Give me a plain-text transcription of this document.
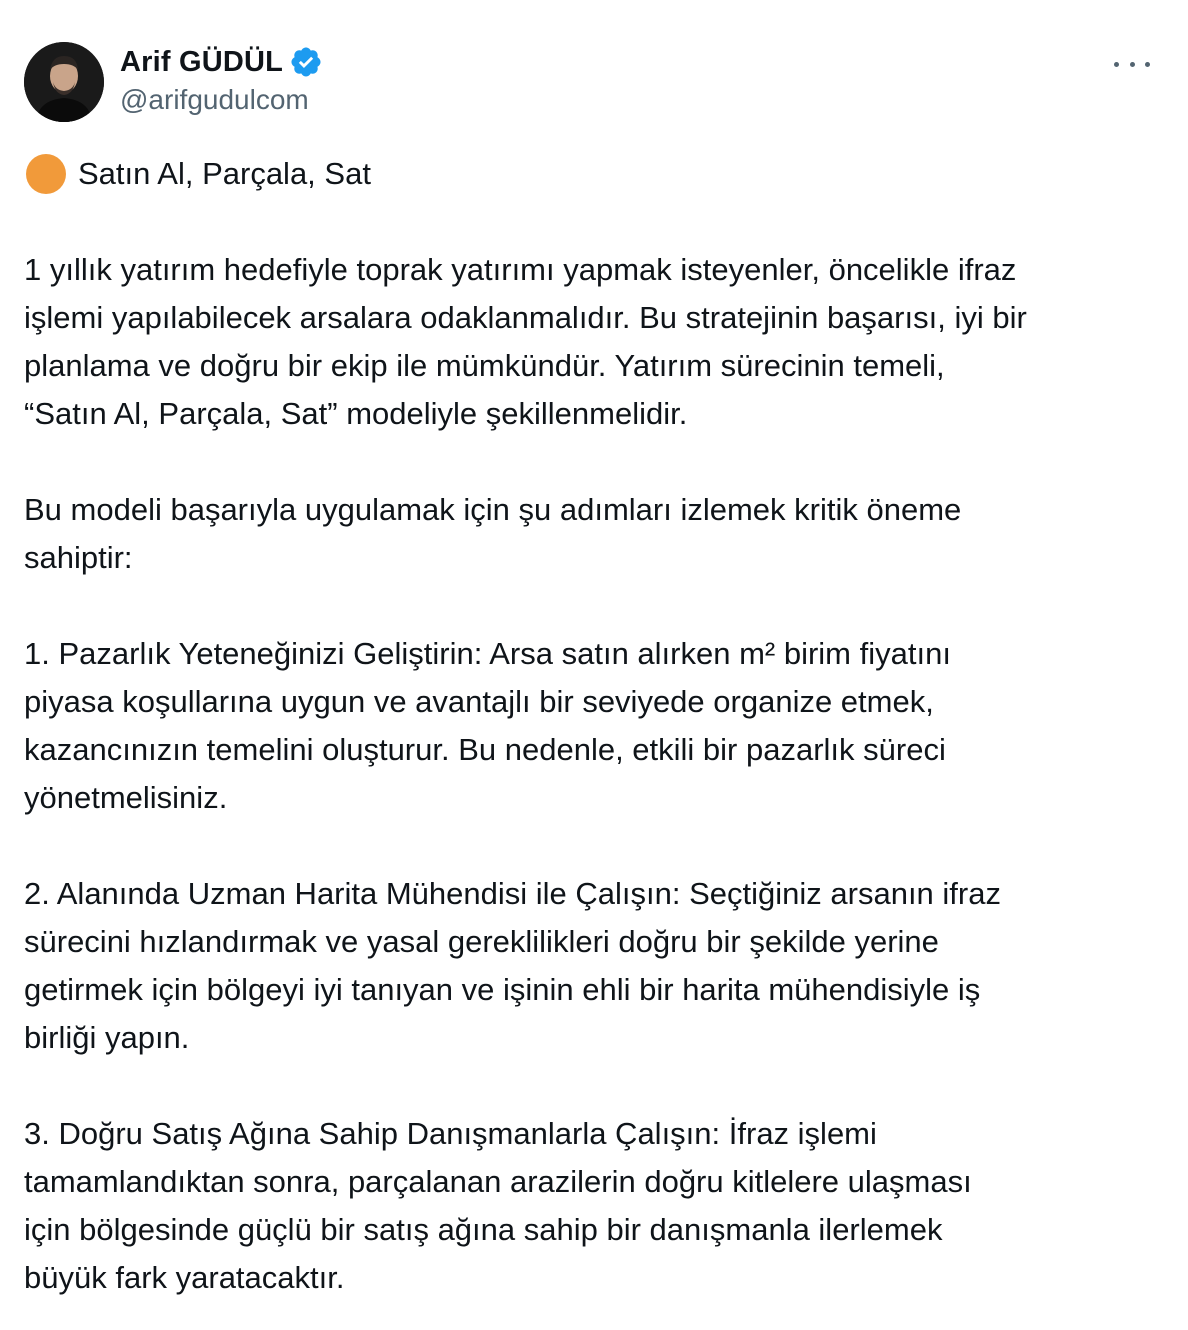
Arif GÜDÜL
@arifgudulcom
Satın Al, Parçala, Sat
1 yıllık yatırım hedefiyle toprak yatırımı yapmak isteyenler, öncelikle ifraz
işlemi yapılabilecek arsalara odaklanmalıdır. Bu stratejinin başarısı, iyi bir
planlama ve doğru bir ekip ile mümkündür. Yatırım sürecinin temeli,
“Satın Al, Parçala, Sat” modeliyle şekillenmelidir.
Bu modeli başarıyla uygulamak için şu adımları izlemek kritik öneme
sahiptir:
1. Pazarlık Yeteneğinizi Geliştirin: Arsa satın alırken m² birim fiyatını
piyasa koşullarına uygun ve avantajlı bir seviyede organize etmek,
kazancınızın temelini oluşturur. Bu nedenle, etkili bir pazarlık süreci
yönetmelisiniz.
2. Alanında Uzman Harita Mühendisi ile Çalışın: Seçtiğiniz arsanın ifraz
sürecini hızlandırmak ve yasal gereklilikleri doğru bir şekilde yerine
getirmek için bölgeyi iyi tanıyan ve işinin ehli bir harita mühendisiyle iş
birliği yapın.
3. Doğru Satış Ağına Sahip Danışmanlarla Çalışın: İfraz işlemi
tamamlandıktan sonra, parçalanan arazilerin doğru kitlelere ulaşması
için bölgesinde güçlü bir satış ağına sahip bir danışmanla ilerlemek
büyük fark yaratacaktır.
